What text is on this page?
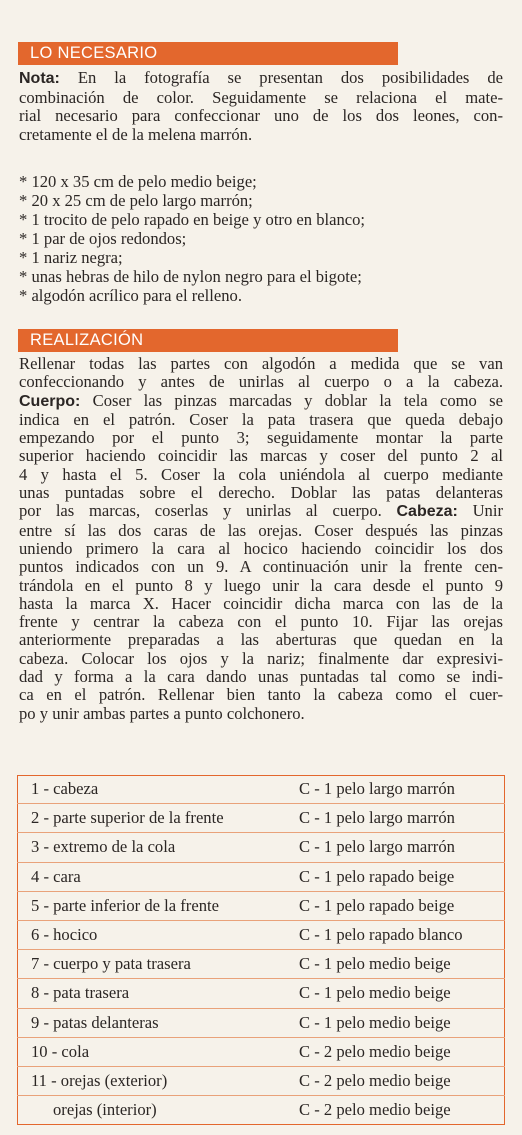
LO NECESARIO
Nota: En la fotografía se presentan dos posibilidades de
combinación de color. Seguidamente se relaciona el mate-
rial necesario para confeccionar uno de los dos leones, con-
cretamente el de la melena marrón.
* 120 x 35 cm de pelo medio beige;
* 20 x 25 cm de pelo largo marrón;
* 1 trocito de pelo rapado en beige y otro en blanco;
* 1 par de ojos redondos;
* 1 nariz negra;
* unas hebras de hilo de nylon negro para el bigote;
* algodón acrílico para el relleno.
REALIZACIÓN
Rellenar todas las partes con algodón a medida que se van
confeccionando y antes de unirlas al cuerpo o a la cabeza.
Cuerpo: Coser las pinzas marcadas y doblar la tela como se
indica en el patrón. Coser la pata trasera que queda debajo
empezando por el punto 3; seguidamente montar la parte
superior haciendo coincidir las marcas y coser del punto 2 al
4 y hasta el 5. Coser la cola uniéndola al cuerpo mediante
unas puntadas sobre el derecho. Doblar las patas delanteras
por las marcas, coserlas y unirlas al cuerpo. Cabeza: Unir
entre sí las dos caras de las orejas. Coser después las pinzas
uniendo primero la cara al hocico haciendo coincidir los dos
puntos indicados con un 9. A continuación unir la frente cen-
trándola en el punto 8 y luego unir la cara desde el punto 9
hasta la marca X. Hacer coincidir dicha marca con las de la
frente y centrar la cabeza con el punto 10. Fijar las orejas
anteriormente preparadas a las aberturas que quedan en la
cabeza. Colocar los ojos y la nariz; finalmente dar expresivi-
dad y forma a la cara dando unas puntadas tal como se indi-
ca en el patrón. Rellenar bien tanto la cabeza como el cuer-
po y unir ambas partes a punto colchonero.
1 - cabeza	C - 1 pelo largo marrón
2 - parte superior de la frente	C - 1 pelo largo marrón
3 - extremo de la cola	C - 1 pelo largo marrón
4 - cara	C - 1 pelo rapado beige
5 - parte inferior de la frente	C - 1 pelo rapado beige
6 - hocico	C - 1 pelo rapado blanco
7 - cuerpo y pata trasera	C - 1 pelo medio beige
8 - pata trasera	C - 1 pelo medio beige
9 - patas delanteras	C - 1 pelo medio beige
10 - cola	C - 2 pelo medio beige
11 - orejas (exterior)	C - 2 pelo medio beige
orejas (interior)	C - 2 pelo medio beige
